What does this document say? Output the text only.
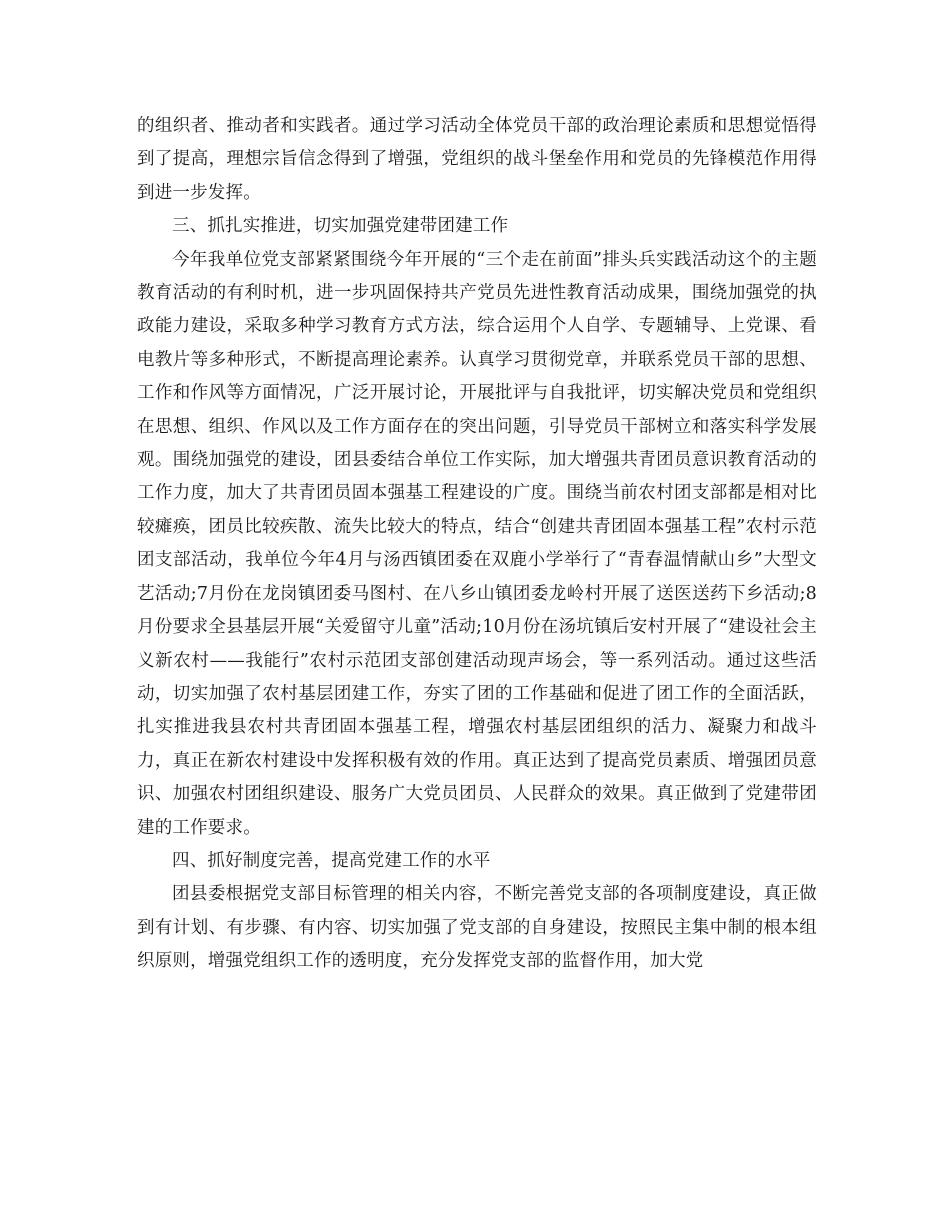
的组织者、推动者和实践者。通过学习活动全体党员干部的政治理论素质和思想觉悟得到了提高，理想宗旨信念得到了增强，党组织的战斗堡垒作用和党员的先锋模范作用得到进一步发挥。

三、抓扎实推进，切实加强党建带团建工作

今年我单位党支部紧紧围绕今年开展的“三个走在前面”排头兵实践活动这个的主题教育活动的有利时机，进一步巩固保持共产党员先进性教育活动成果，围绕加强党的执政能力建设，采取多种学习教育方式方法，综合运用个人自学、专题辅导、上党课、看电教片等多种形式，不断提高理论素养。认真学习贯彻党章，并联系党员干部的思想、工作和作风等方面情况，广泛开展讨论，开展批评与自我批评，切实解决党员和党组织在思想、组织、作风以及工作方面存在的突出问题，引导党员干部树立和落实科学发展观。围绕加强党的建设，团县委结合单位工作实际，加大增强共青团员意识教育活动的工作力度，加大了共青团员固本强基工程建设的广度。围绕当前农村团支部都是相对比较瘫痪，团员比较疾散、流失比较大的特点，结合“创建共青团固本强基工程”农村示范团支部活动，我单位今年4月与汤西镇团委在双鹿小学举行了“青春温情献山乡”大型文艺活动;7月份在龙岗镇团委马图村、在八乡山镇团委龙岭村开展了送医送药下乡活动;8月份要求全县基层开展“关爱留守儿童”活动;10月份在汤坑镇后安村开展了“建设社会主义新农村——我能行”农村示范团支部创建活动现声场会，等一系列活动。通过这些活动，切实加强了农村基层团建工作，夯实了团的工作基础和促进了团工作的全面活跃，扎实推进我县农村共青团固本强基工程，增强农村基层团组织的活力、凝聚力和战斗力，真正在新农村建设中发挥积极有效的作用。真正达到了提高党员素质、增强团员意识、加强农村团组织建设、服务广大党员团员、人民群众的效果。真正做到了党建带团建的工作要求。

四、抓好制度完善，提高党建工作的水平

团县委根据党支部目标管理的相关内容，不断完善党支部的各项制度建设，真正做到有计划、有步骤、有内容、切实加强了党支部的自身建设，按照民主集中制的根本组织原则，增强党组织工作的透明度，充分发挥党支部的监督作用，加大党
